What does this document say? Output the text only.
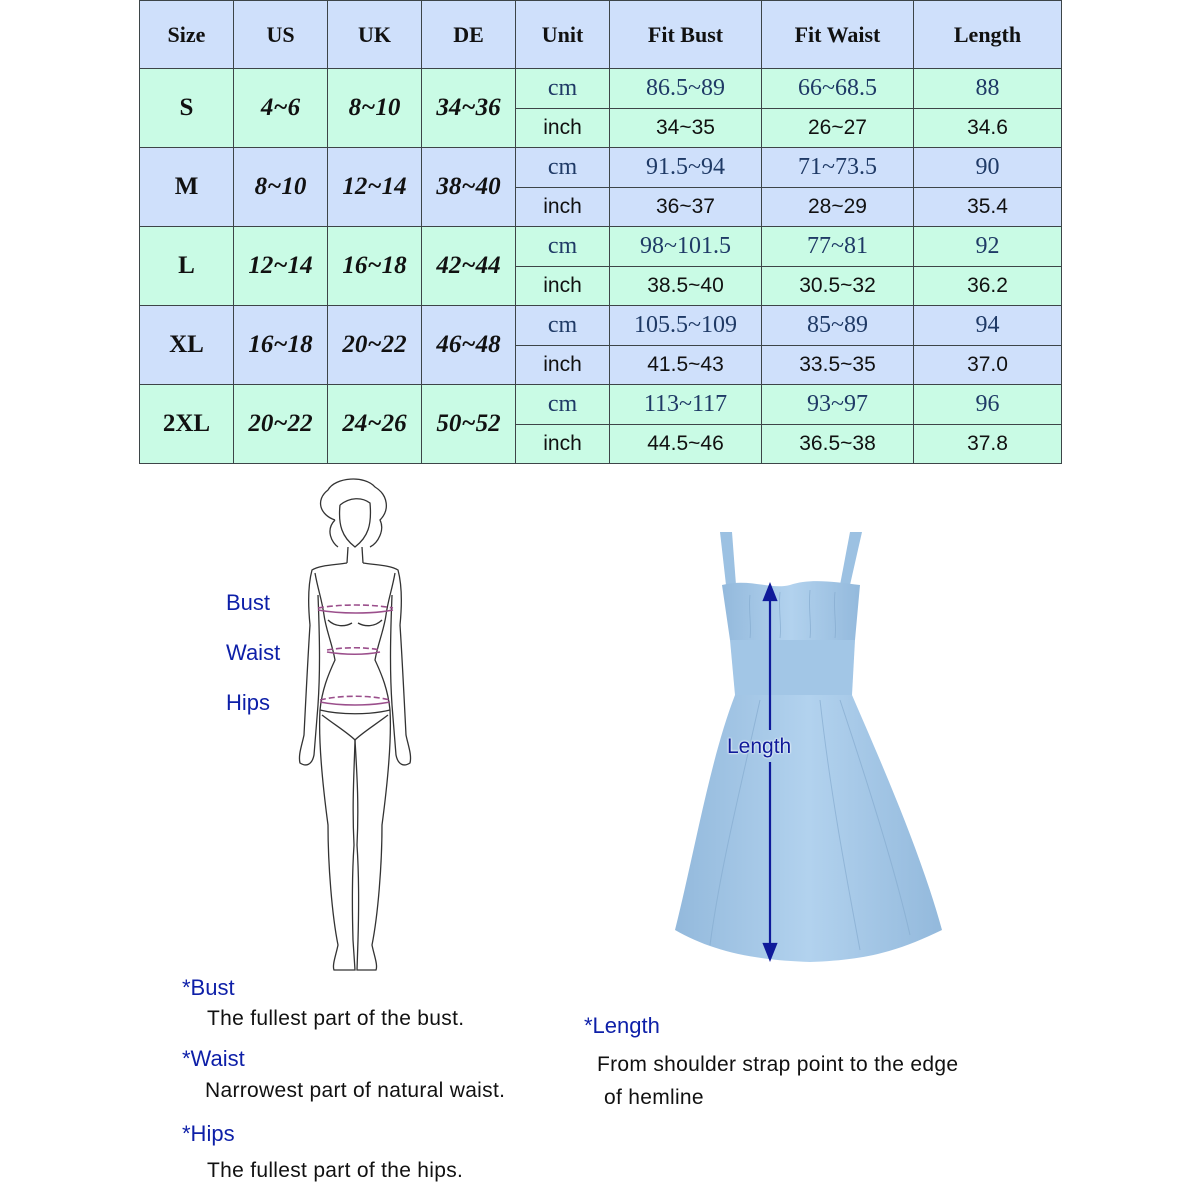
Size	US	UK	DE	Unit	Fit Bust	Fit Waist	Length
S	4~6	8~10	34~36	cm	86.5~89	66~68.5	88
				inch	34~35	26~27	34.6
M	8~10	12~14	38~40	cm	91.5~94	71~73.5	90
				inch	36~37	28~29	35.4
L	12~14	16~18	42~44	cm	98~101.5	77~81	92
				inch	38.5~40	30.5~32	36.2
XL	16~18	20~22	46~48	cm	105.5~109	85~89	94
				inch	41.5~43	33.5~35	37.0
2XL	20~22	24~26	50~52	cm	113~117	93~97	96
				inch	44.5~46	36.5~38	37.8
Bust
Waist
Hips
Length
*Bust
The fullest part of the bust.
*Waist
Narrowest part of natural waist.
*Hips
The fullest part of the hips.
*Length
From shoulder strap point to the edge
of hemline
